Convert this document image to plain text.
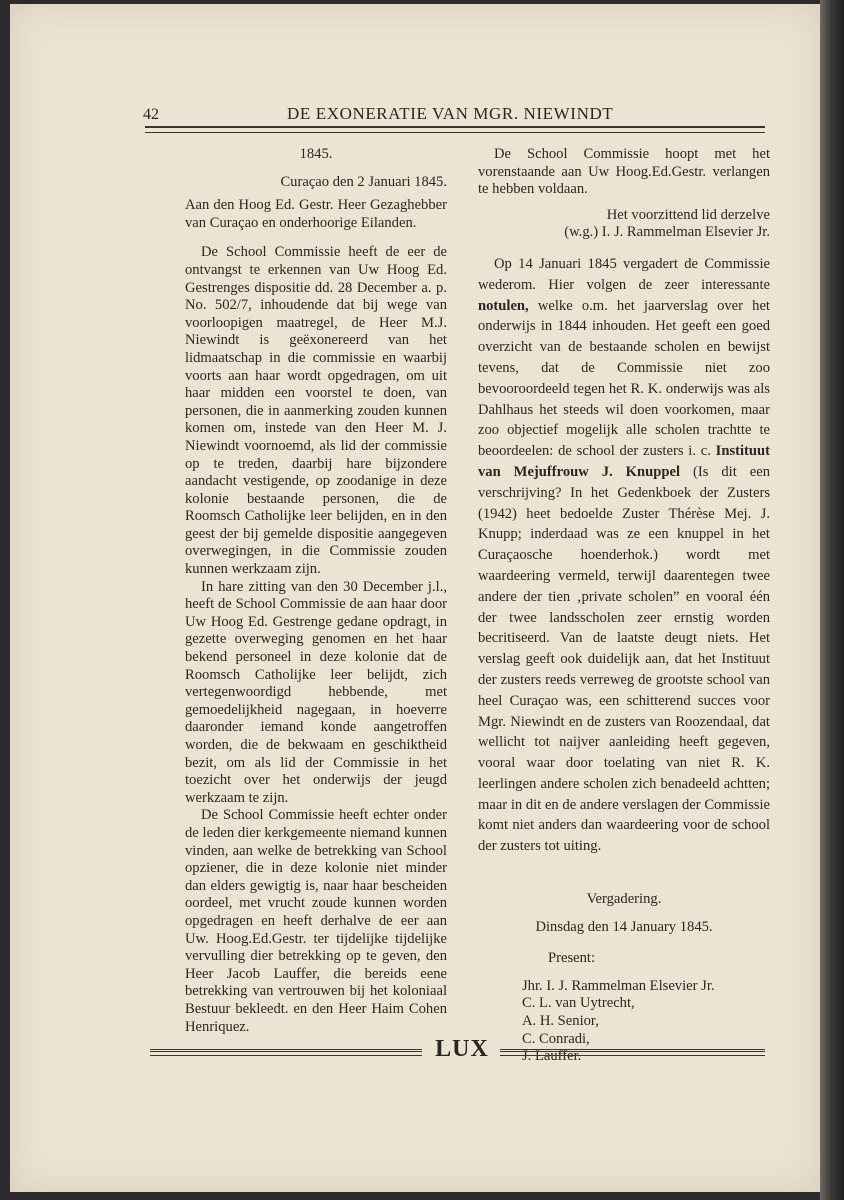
42	DE EXONERATIE VAN MGR. NIEWINDT

1845.

Curaçao den 2 Januari 1845.

Aan den Hoog Ed. Gestr. Heer Gezaghebber van Curaçao en onderhoorige Eilanden.

De School Commissie heeft de eer de ontvangst te erkennen van Uw Hoog Ed. Gestrenges dispositie dd. 28 December a. p. No. 502/7, inhoudende dat bij wege van voorloopigen maatregel, de Heer M.J. Niewindt is geëxonereerd van het lidmaatschap in die commissie en waarbij voorts aan haar wordt opgedragen, om uit haar midden een voorstel te doen, van personen, die in aanmerking zouden kunnen komen om, instede van den Heer M. J. Niewindt voornoemd, als lid der commissie op te treden, daarbij hare bijzondere aandacht vestigende, op zoodanige in deze kolonie bestaande personen, die de Roomsch Catholijke leer belijden, en in den geest der bij gemelde dispositie aangegeven overwegingen, in die Commissie zouden kunnen werkzaam zijn.

In hare zitting van den 30 December j.l., heeft de School Commissie de aan haar door Uw Hoog Ed. Gestrenge gedane opdragt, in gezette overweging genomen en het haar bekend personeel in deze kolonie dat de Roomsch Catholijke leer belijdt, zich vertegenwoordigd hebbende, met gemoedelijkheid nagegaan, in hoeverre daaronder iemand konde aangetroffen worden, die de bekwaam en geschiktheid bezit, om als lid der Commissie in het toezicht over het onderwijs der jeugd werkzaam te zijn.

De School Commissie heeft echter onder de leden dier kerkgemeente niemand kunnen vinden, aan welke de betrekking van School opziener, die in deze kolonie niet minder dan elders gewigtig is, naar haar bescheiden oordeel, met vrucht zoude kunnen worden opgedragen en heeft derhalve de eer aan Uw. Hoog.Ed.Gestr. ter tijdelijke tijdelijke vervulling dier betrekking op te geven, den Heer Jacob Lauffer, die bereids eene betrekking van vertrouwen bij het koloniaal Bestuur bekleedt. en den Heer Haim Cohen Henriquez.

De School Commissie hoopt met het vorenstaande aan Uw Hoog.Ed.Gestr. verlangen te hebben voldaan.

Het voorzittend lid derzelve

(w.g.) I. J. Rammelman Elsevier Jr.

Op 14 Januari 1845 vergadert de Commissie wederom. Hier volgen de zeer interessante notulen, welke o.m. het jaarverslag over het onderwijs in 1844 inhouden. Het geeft een goed overzicht van de bestaande scholen en bewijst tevens, dat de Commissie niet zoo bevooroordeeld tegen het R. K. onderwijs was als Dahlhaus het steeds wil doen voorkomen, maar zoo objectief mogelijk alle scholen trachtte te beoordeelen: de school der zusters i. c. Instituut van Mejuffrouw J. Knuppel (Is dit een verschrijving? In het Gedenkboek der Zusters (1942) heet bedoelde Zuster Thérèse Mej. J. Knupp; inderdaad was ze een knuppel in het Curaçaosche hoenderhok.) wordt met waardeering vermeld, terwijl daarentegen twee andere der tien ‚private scholen” en vooral één der twee landsscholen zeer ernstig worden becritiseerd. Van de laatste deugt niets. Het verslag geeft ook duidelijk aan, dat het Instituut der zusters reeds verreweg de grootste school van heel Curaçao was, een schitterend succes voor Mgr. Niewindt en de zusters van Roozendaal, dat wellicht tot naijver aanleiding heeft gegeven, vooral waar door toelating van niet R. K. leerlingen andere scholen zich benadeeld achtten; maar in dit en de andere verslagen der Commissie komt niet anders dan waardeering voor de school der zusters tot uiting.

Vergadering.

Dinsdag den 14 January 1845.

Present:

Jhr. I. J. Rammelman Elsevier Jr.

C. L. van Uytrecht,

A. H. Senior,

C. Conradi,

J. Lauffer.

LUX
